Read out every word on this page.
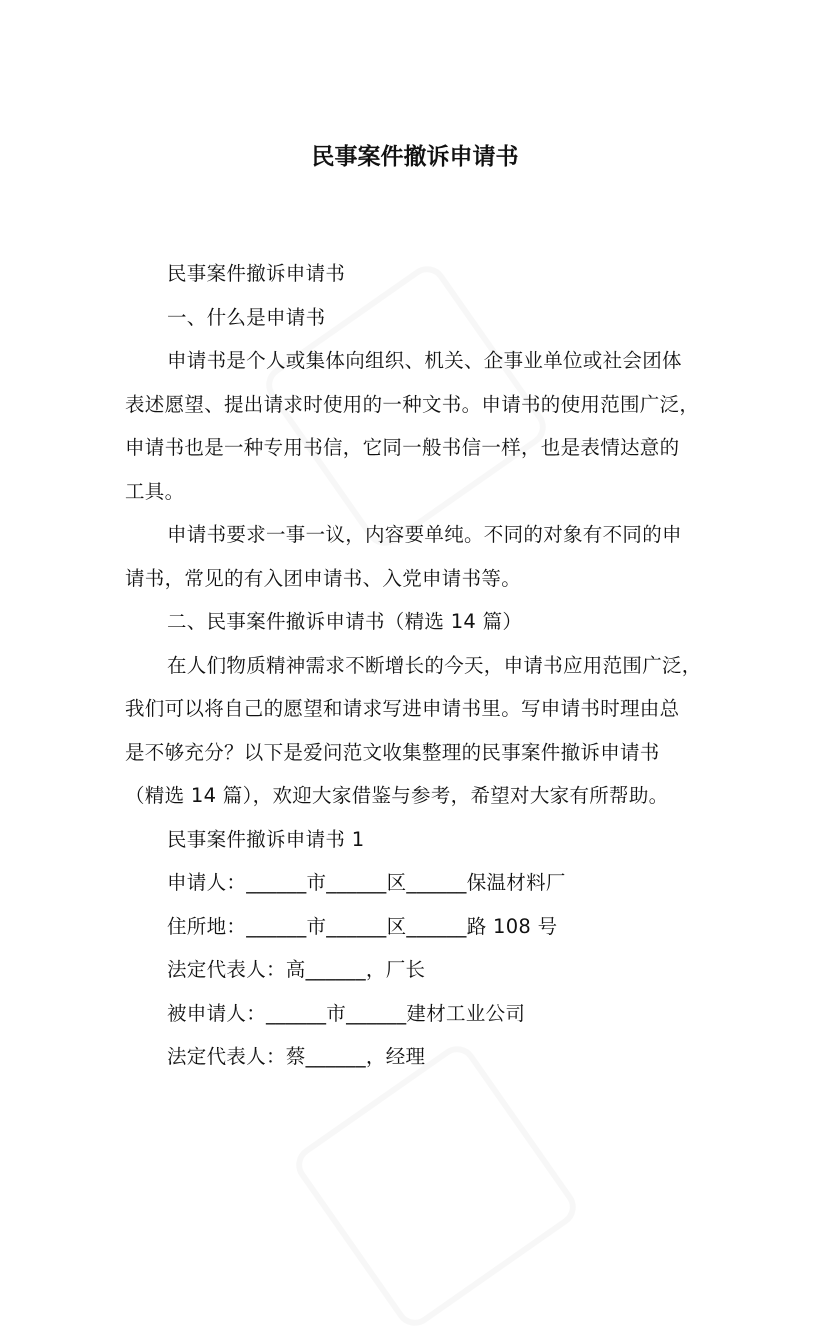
民事案件撤诉申请书
民事案件撤诉申请书
一、什么是申请书
申请书是个人或集体向组织、机关、企事业单位或社会团体
表述愿望、提出请求时使用的一种文书。申请书的使用范围广泛，
申请书也是一种专用书信，它同一般书信一样，也是表情达意的
工具。
申请书要求一事一议，内容要单纯。不同的对象有不同的申
请书，常见的有入团申请书、入党申请书等。
二、民事案件撤诉申请书（精选 14 篇）
在人们物质精神需求不断增长的今天，申请书应用范围广泛，
我们可以将自己的愿望和请求写进申请书里。写申请书时理由总
是不够充分？以下是爱问范文收集整理的民事案件撤诉申请书
（精选 14 篇），欢迎大家借鉴与参考，希望对大家有所帮助。
民事案件撤诉申请书 1
申请人：______市______区______保温材料厂
住所地：______市______区______路 108 号
法定代表人：高______，厂长
被申请人：______市______建材工业公司
法定代表人：蔡______，经理
